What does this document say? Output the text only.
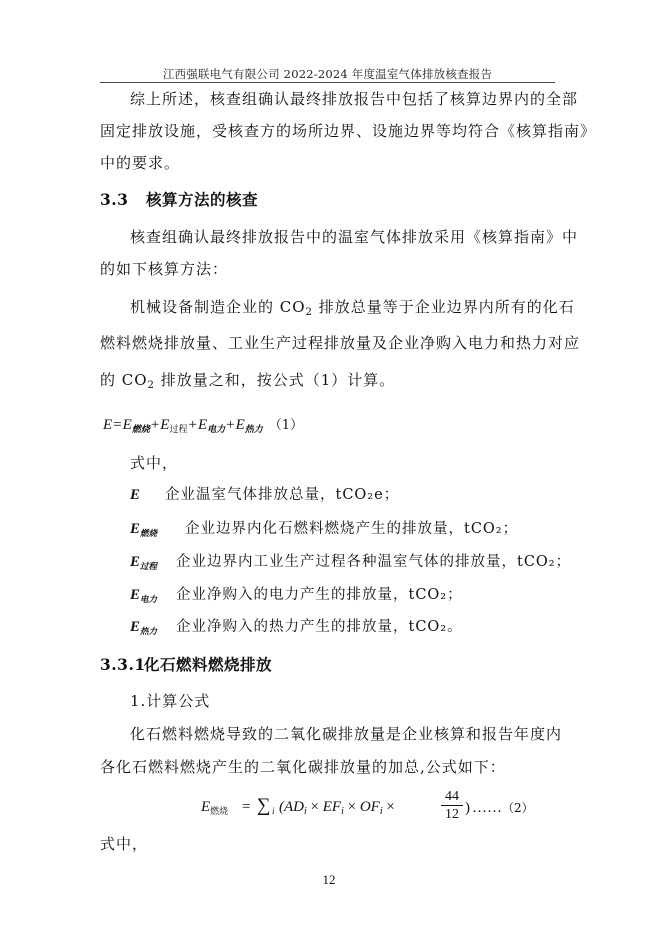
江西强联电气有限公司 2022-2024 年度温室气体排放核查报告
综上所述，核查组确认最终排放报告中包括了核算边界内的全部
固定排放设施，受核查方的场所边界、设施边界等均符合《核算指南》
中的要求。
3.3 核算方法的核查
核查组确认最终排放报告中的温室气体排放采用《核算指南》中
的如下核算方法：
机械设备制造企业的 $CO_2$ 排放总量等于企业边界内所有的化石
燃料燃烧排放量、工业生产过程排放量及企业净购入电力和热力对应
的 $CO_2$ 排放量之和，按公式（1）计算。
$E=E_{燃烧}+E_{过程}+E_{电力}+E_{热力}$ （1）
式中，
E 企业温室气体排放总量，tCO₂e；
$E_{燃烧}$ 企业边界内化石燃料燃烧产生的排放量，tCO₂；
$E_{过程}$ 企业边界内工业生产过程各种温室气体的排放量，tCO₂；
$E_{电力}$ 企业净购入的电力产生的排放量，tCO₂；
$E_{热力}$ 企业净购入的热力产生的排放量，tCO₂。
3.3.1化石燃料燃烧排放
1.计算公式
化石燃料燃烧导致的二氧化碳排放量是企业核算和报告年度内
各化石燃料燃烧产生的二氧化碳排放量的加总,公式如下：
$E_{燃烧}$ = ∑ i ($AD_i \times EF_i \times OF_i$ ×	$\frac{44}{12}$ ) ……（2）
式中，
12
